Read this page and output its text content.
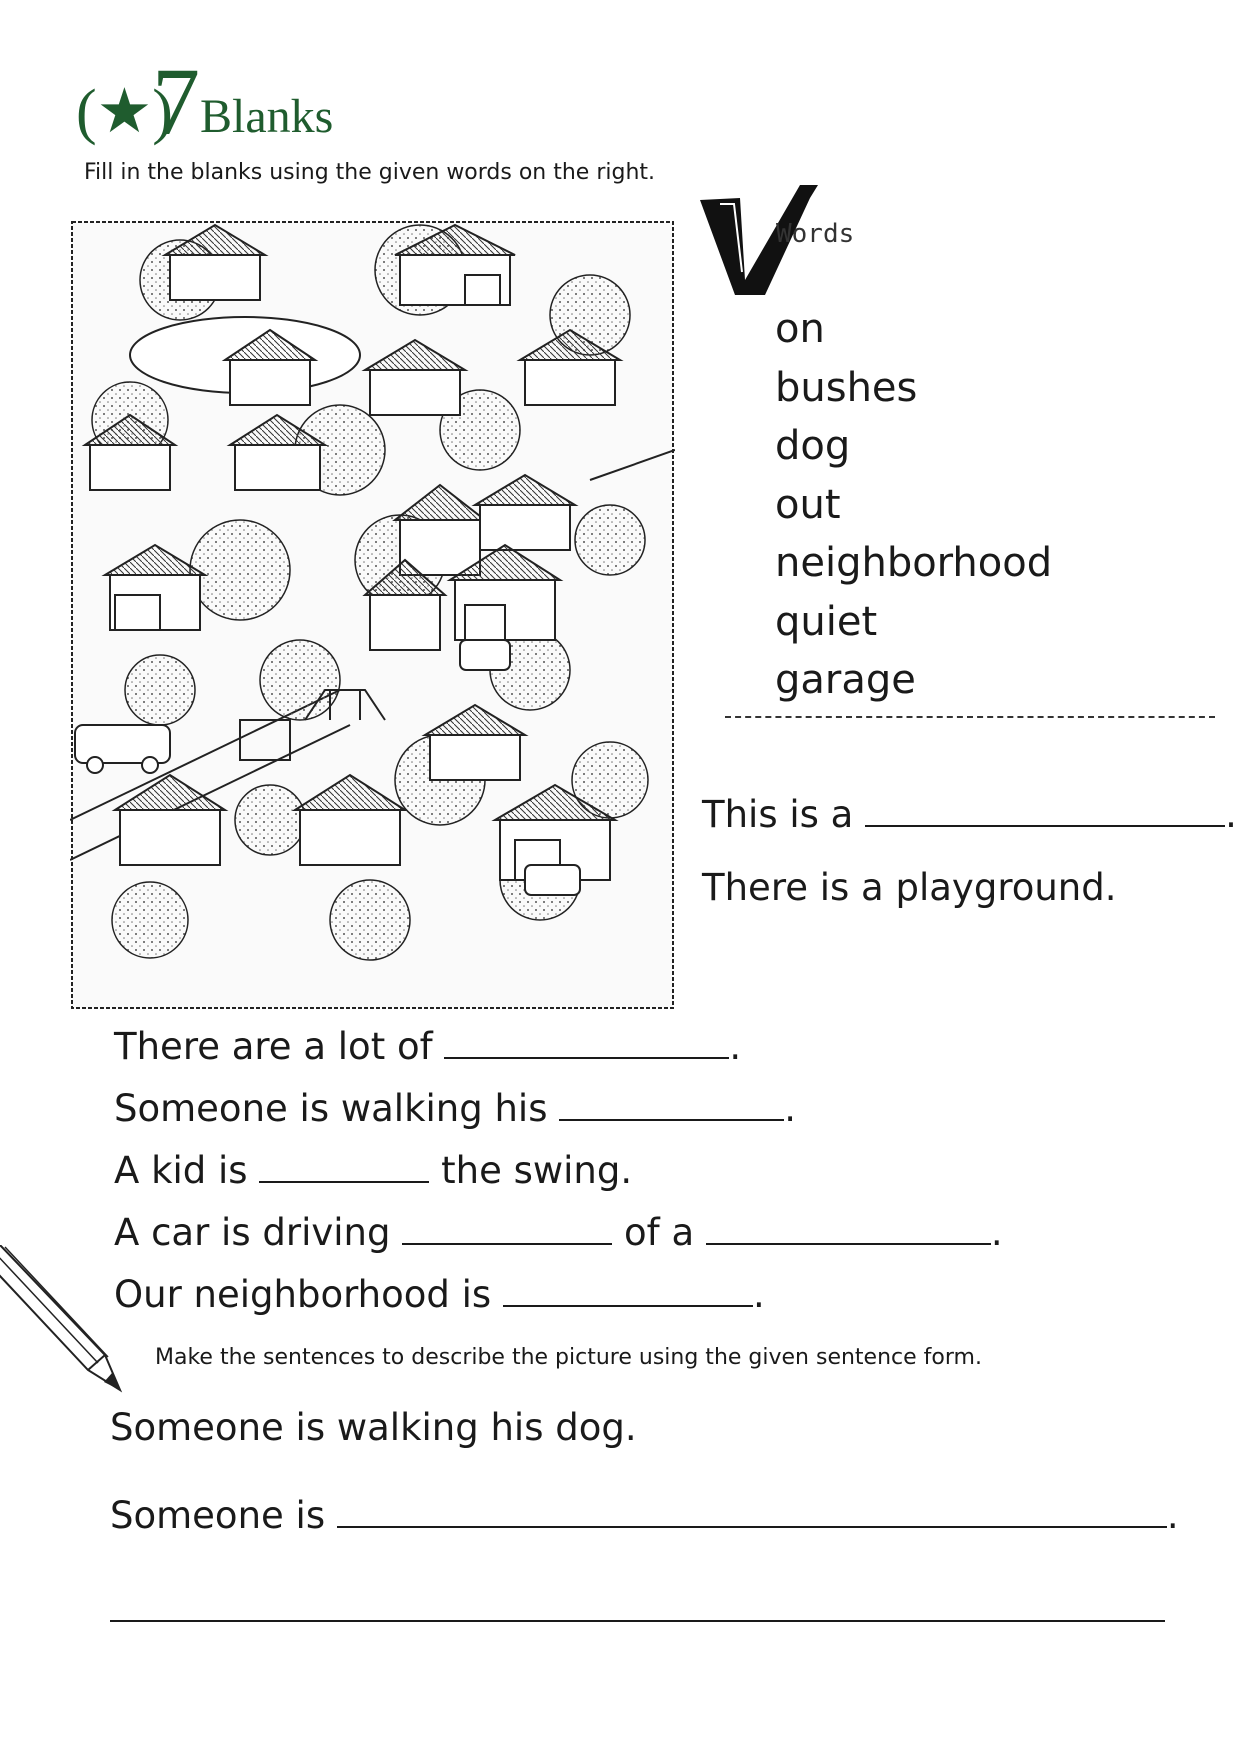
(★)
7 Blanks
Fill in the blanks using the given words on the right.
Words
on
bushes
dog
out
neighborhood
quiet
garage
This is a	.
There is a playground.
There are a lot of	.
Someone is walking his	.
A kid is	the swing.
A car is driving	of a	.
Our neighborhood is	.
Make the sentences to describe the picture using the given sentence form.
Someone is walking his dog.
Someone is	.
